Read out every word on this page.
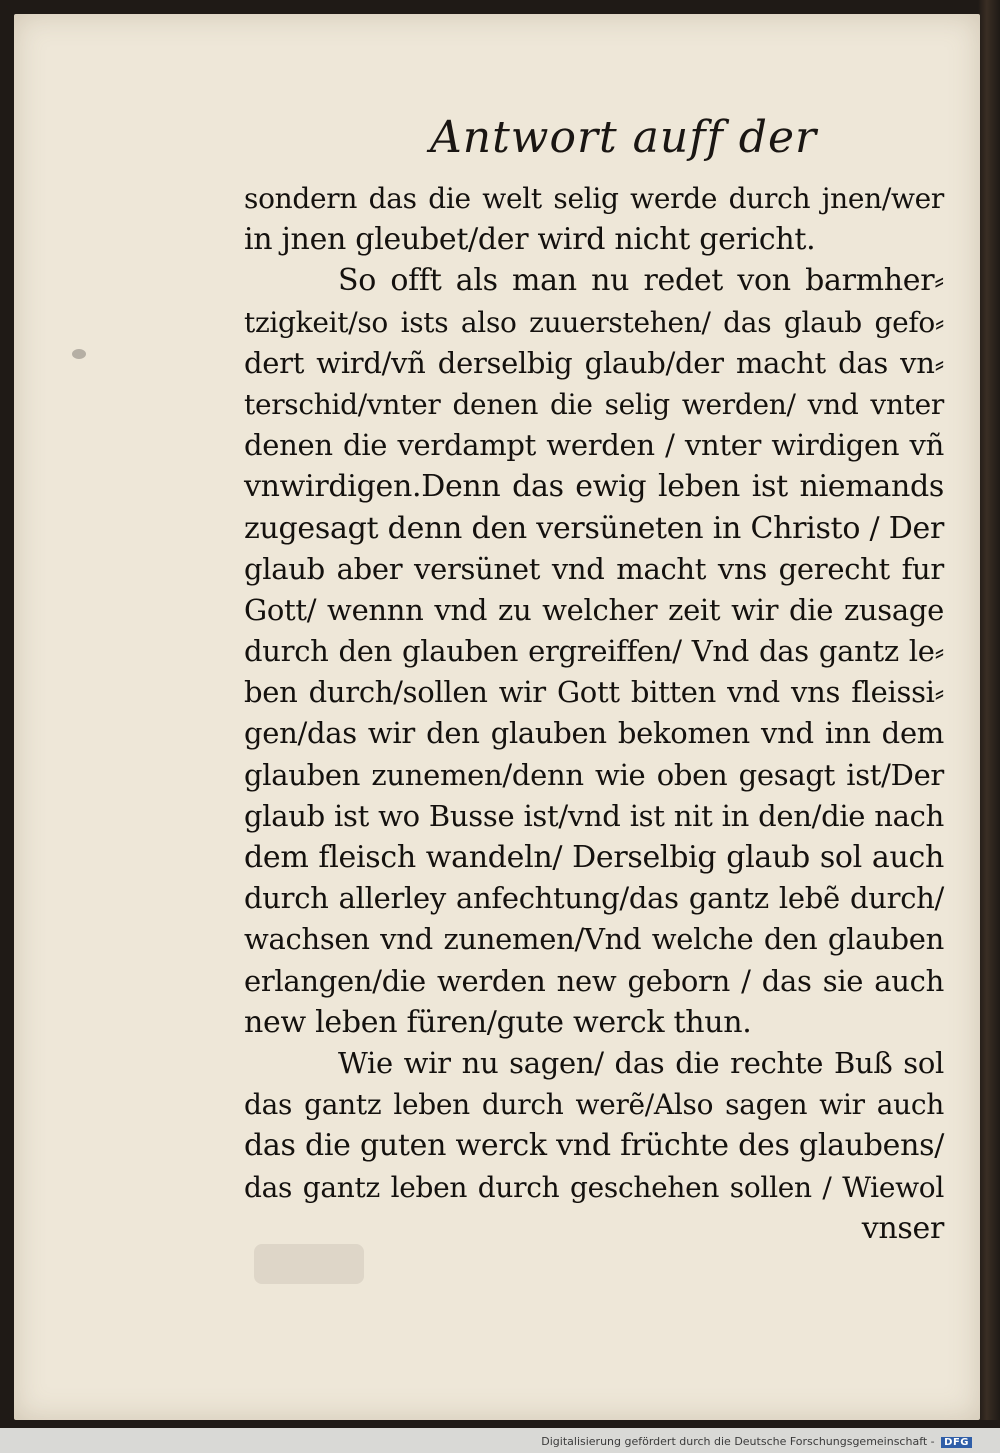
Antwort auff der
sondern das die welt selig werde durch jnen/wer
in jnen gleubet/der wird nicht gericht.
So offt als man nu redet von barmher⸗
tzigkeit/so ists also zuuerstehen/ das glaub gefo⸗
dert wird/vñ derselbig glaub/der macht das vn⸗
terschid/vnter denen die selig werden/ vnd vnter
denen die verdampt werden / vnter wirdigen vñ
vnwirdigen.Denn das ewig leben ist niemands
zugesagt denn den versüneten in Christo / Der
glaub aber versünet vnd macht vns gerecht fur
Gott/ wennn vnd zu welcher zeit wir die zusage
durch den glauben ergreiffen/ Vnd das gantz le⸗
ben durch/sollen wir Gott bitten vnd vns fleissi⸗
gen/das wir den glauben bekomen vnd inn dem
glauben zunemen/denn wie oben gesagt ist/Der
glaub ist wo Busse ist/vnd ist nit in den/die nach
dem fleisch wandeln/ Derselbig glaub sol auch
durch allerley anfechtung/das gantz lebẽ durch/
wachsen vnd zunemen/Vnd welche den glauben
erlangen/die werden new geborn / das sie auch
new leben füren/gute werck thun.
Wie wir nu sagen/ das die rechte Buß sol
das gantz leben durch werẽ/Also sagen wir auch
das die guten werck vnd früchte des glaubens/
das gantz leben durch geschehen sollen / Wiewol
vnser
Digitalisierung gefördert durch die Deutsche Forschungsgemeinschaft - DFG
